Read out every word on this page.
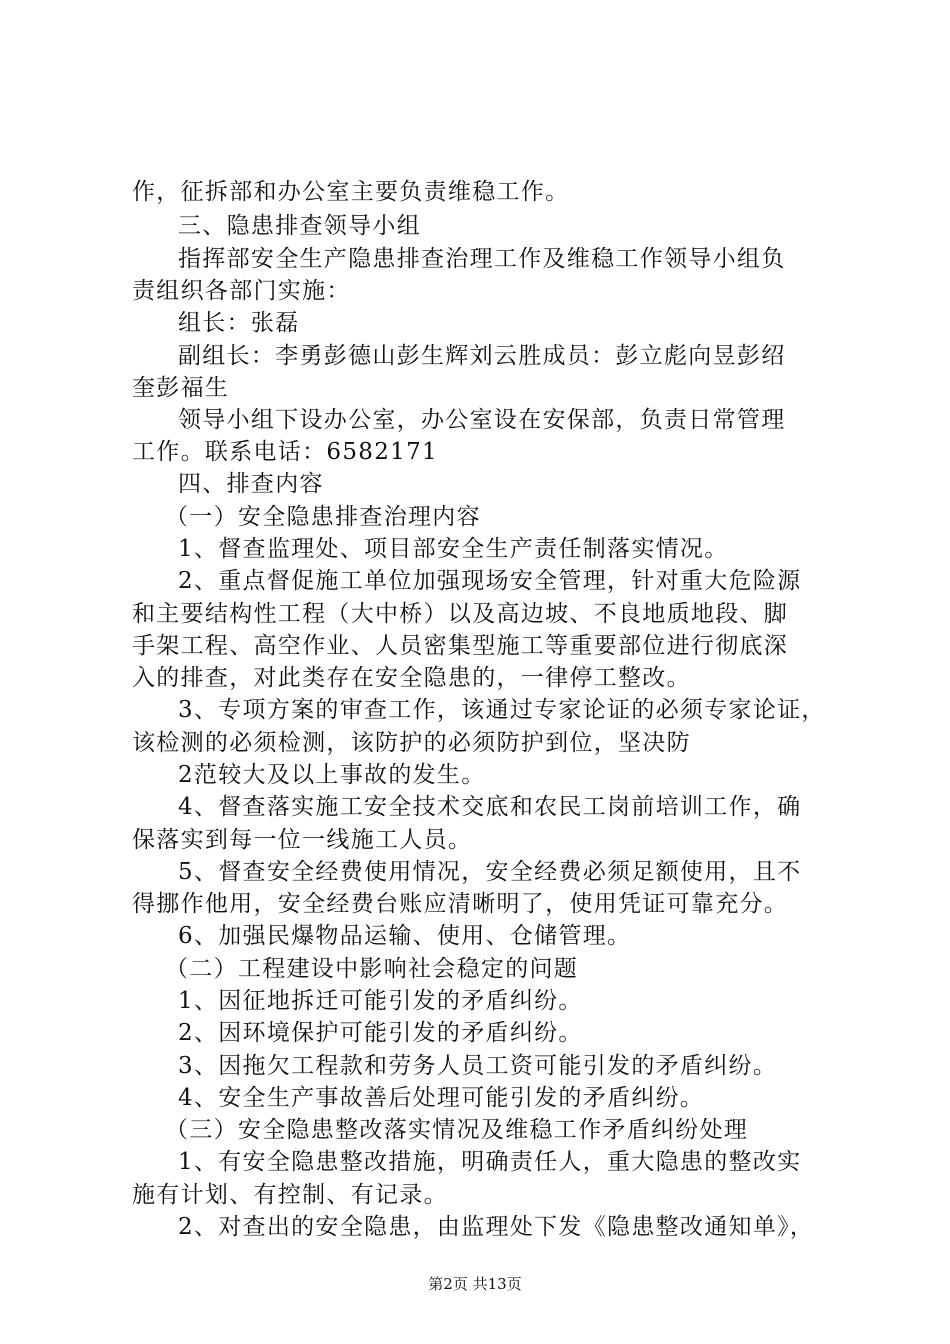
作，征拆部和办公室主要负责维稳工作。
三、隐患排查领导小组
指挥部安全生产隐患排查治理工作及维稳工作领导小组负
责组织各部门实施：
组长：张磊
副组长：李勇彭德山彭生辉刘云胜成员：彭立彪向昱彭绍
奎彭福生
领导小组下设办公室，办公室设在安保部，负责日常管理
工作。联系电话：6582171
四、排查内容
（一）安全隐患排查治理内容
1、督查监理处、项目部安全生产责任制落实情况。
2、重点督促施工单位加强现场安全管理，针对重大危险源
和主要结构性工程（大中桥）以及高边坡、不良地质地段、脚
手架工程、高空作业、人员密集型施工等重要部位进行彻底深
入的排查，对此类存在安全隐患的，一律停工整改。
3、专项方案的审查工作，该通过专家论证的必须专家论证，
该检测的必须检测，该防护的必须防护到位，坚决防
2范较大及以上事故的发生。
4、督查落实施工安全技术交底和农民工岗前培训工作，确
保落实到每一位一线施工人员。
5、督查安全经费使用情况，安全经费必须足额使用，且不
得挪作他用，安全经费台账应清晰明了，使用凭证可靠充分。
6、加强民爆物品运输、使用、仓储管理。
（二）工程建设中影响社会稳定的问题
1、因征地拆迁可能引发的矛盾纠纷。
2、因环境保护可能引发的矛盾纠纷。
3、因拖欠工程款和劳务人员工资可能引发的矛盾纠纷。
4、安全生产事故善后处理可能引发的矛盾纠纷。
（三）安全隐患整改落实情况及维稳工作矛盾纠纷处理
1、有安全隐患整改措施，明确责任人，重大隐患的整改实
施有计划、有控制、有记录。
2、对查出的安全隐患，由监理处下发《隐患整改通知单》，
第2页 共13页
